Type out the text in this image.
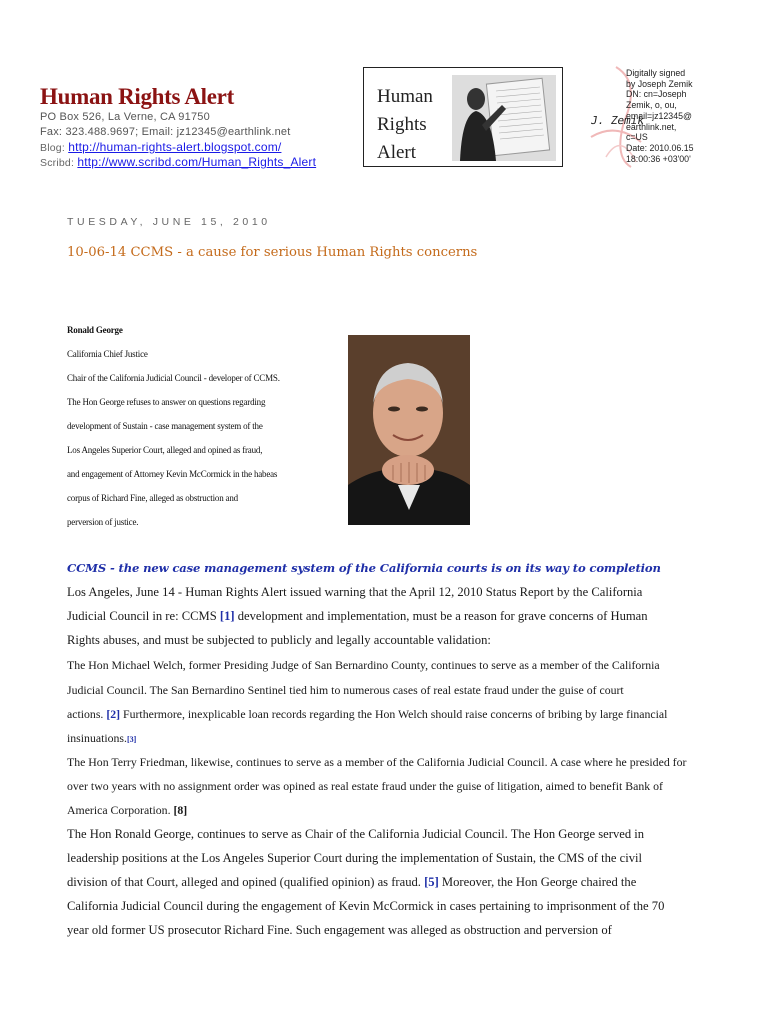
Human Rights Alert
PO Box 526, La Verne, CA 91750
Fax: 323.488.9697; Email: jz12345@earthlink.net
Blog: http://human-rights-alert.blogspot.com/
Scribd: http://www.scribd.com/Human_Rights_Alert
Human
Rights
Alert
J. Zemik
Digitally signed
by Joseph Zemik
DN: cn=Joseph
Zemik, o, ou,
email=jz12345@
earthlink.net,
c=US
Date: 2010.06.15
18:00:36 +03'00'
TUESDAY, JUNE 15, 2010
10-06-14 CCMS - a cause for serious Human Rights concerns
Ronald George
California Chief Justice
Chair of the California Judicial Council - developer of CCMS.
The Hon George refuses to answer on questions regarding
development of Sustain - case management system of the
Los Angeles Superior Court, alleged and opined as fraud,
and engagement of Attorney Kevin McCormick in the habeas
corpus of Richard Fine, alleged as obstruction and
perversion of justice.
CCMS - the new case management system of the California courts is on its way to completion
Los Angeles, June 14 - Human Rights Alert issued warning that the April 12, 2010 Status Report by the California
Judicial Council in re: CCMS [1] development and implementation, must be a reason for grave concerns of Human
Rights abuses, and must be subjected to publicly and legally accountable validation:
The Hon Michael Welch, former Presiding Judge of San Bernardino County, continues to serve as a member of the California
Judicial Council. The San Bernardino Sentinel tied him to numerous cases of real estate fraud under the guise of court
actions. [2] Furthermore, inexplicable loan records regarding the Hon Welch should raise concerns of bribing by large financial
insinuations.[3]
The Hon Terry Friedman, likewise, continues to serve as a member of the California Judicial Council. A case where he presided for
over two years with no assignment order was opined as real estate fraud under the guise of litigation, aimed to benefit Bank of
America Corporation. [8]
The Hon Ronald George, continues to serve as Chair of the California Judicial Council. The Hon George served in
leadership positions at the Los Angeles Superior Court during the implementation of Sustain, the CMS of the civil
division of that Court, alleged and opined (qualified opinion) as fraud. [5] Moreover, the Hon George chaired the
California Judicial Council during the engagement of Kevin McCormick in cases pertaining to imprisonment of the 70
year old former US prosecutor Richard Fine. Such engagement was alleged as obstruction and perversion of
